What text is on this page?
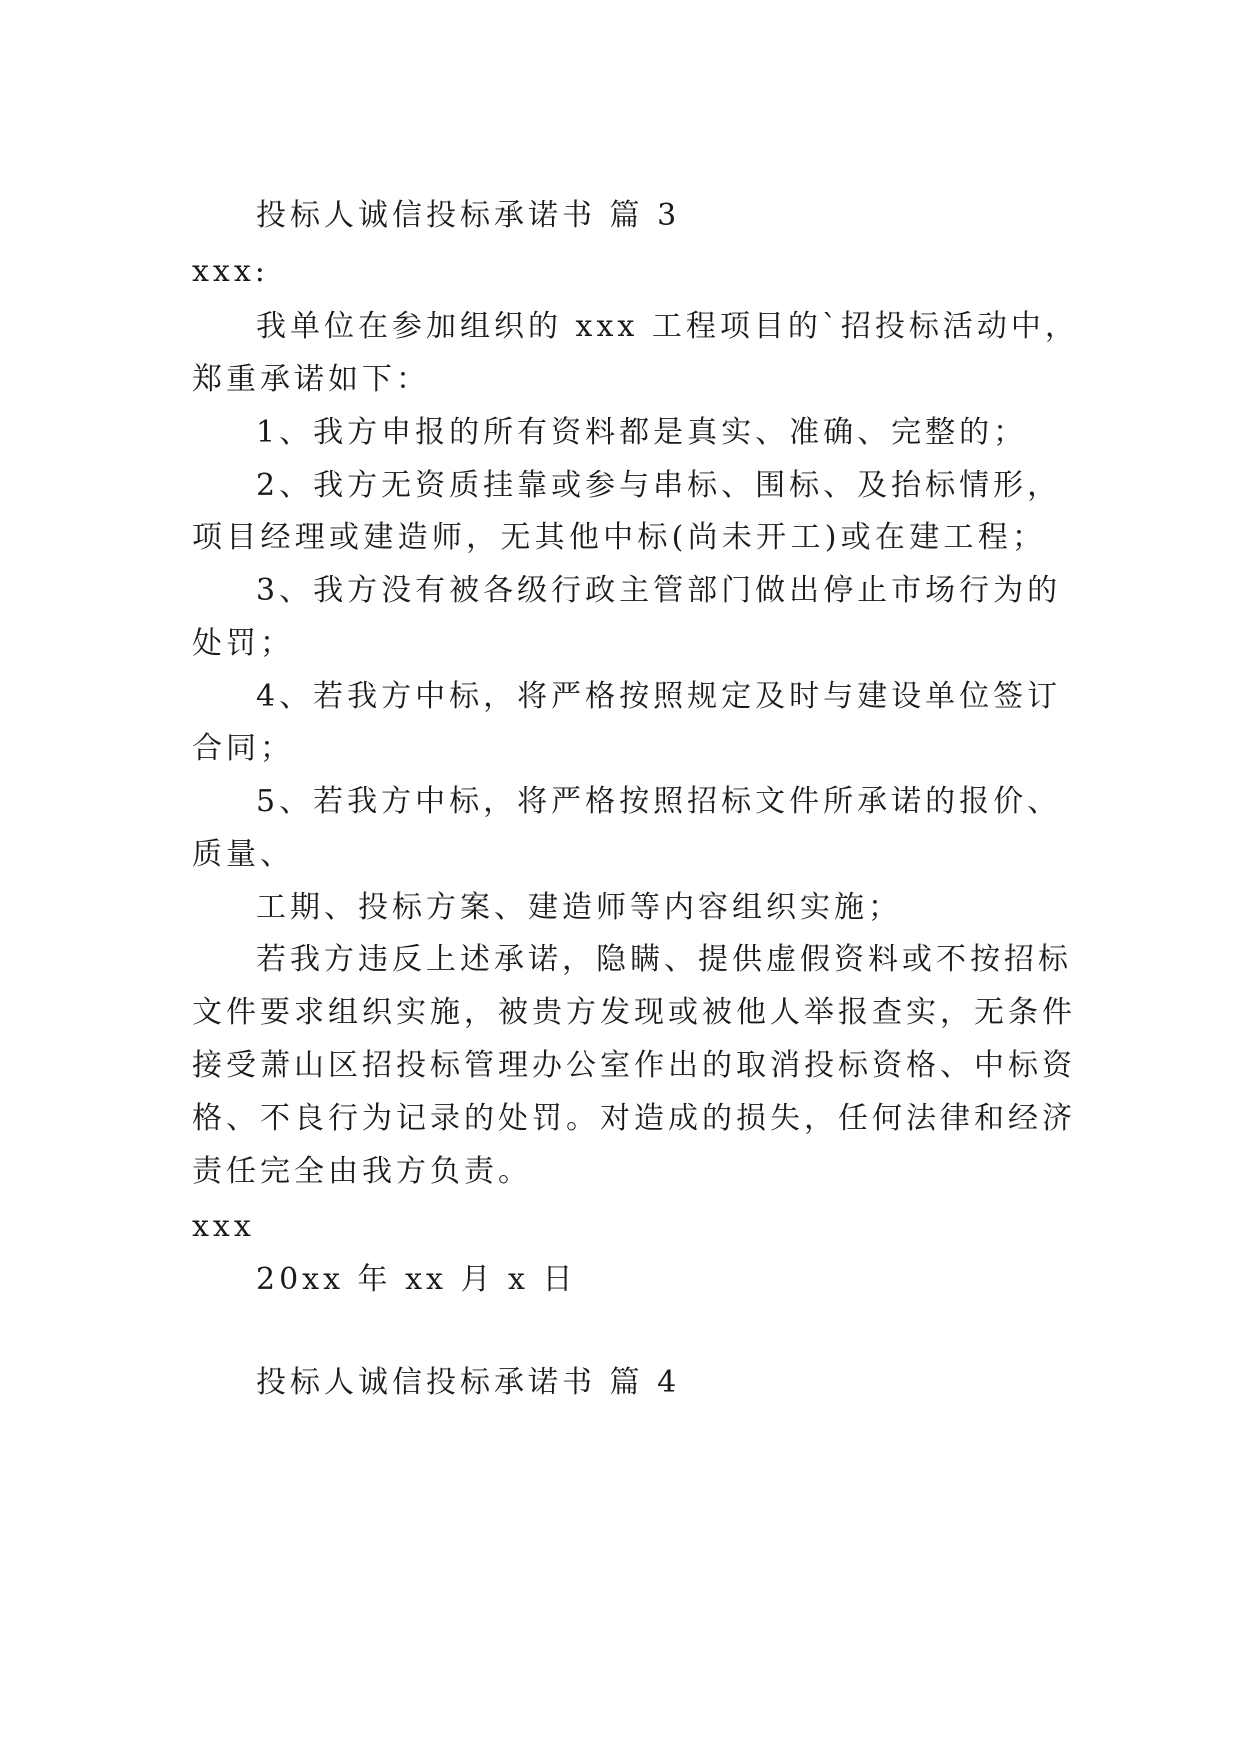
投标人诚信投标承诺书 篇 3
xxx:
我单位在参加组织的 xxx 工程项目的`招投标活动中，
郑重承诺如下：
1、我方申报的所有资料都是真实、准确、完整的；
2、我方无资质挂靠或参与串标、围标、及抬标情形，
项目经理或建造师，无其他中标(尚未开工)或在建工程；
3、我方没有被各级行政主管部门做出停止市场行为的
处罚；
4、若我方中标，将严格按照规定及时与建设单位签订
合同；
5、若我方中标，将严格按照招标文件所承诺的报价、
质量、
工期、投标方案、建造师等内容组织实施；
若我方违反上述承诺，隐瞒、提供虚假资料或不按招标
文件要求组织实施，被贵方发现或被他人举报查实，无条件
接受萧山区招投标管理办公室作出的取消投标资格、中标资
格、不良行为记录的处罚。对造成的损失，任何法律和经济
责任完全由我方负责。
xxx
20xx 年 xx 月 x 日
投标人诚信投标承诺书 篇 4
